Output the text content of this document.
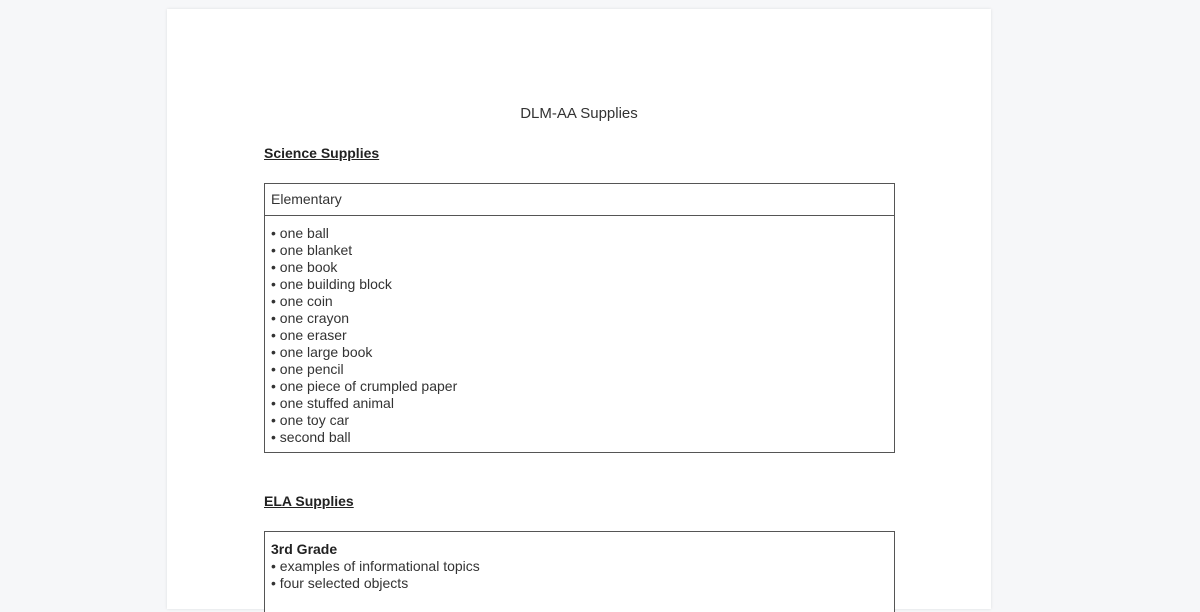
DLM-AA Supplies
Science Supplies
Elementary
• one ball
• one blanket
• one book
• one building block
• one coin
• one crayon
• one eraser
• one large book
• one pencil
• one piece of crumpled paper
• one stuffed animal
• one toy car
• second ball
ELA Supplies
3rd Grade
• examples of informational topics
• four selected objects
